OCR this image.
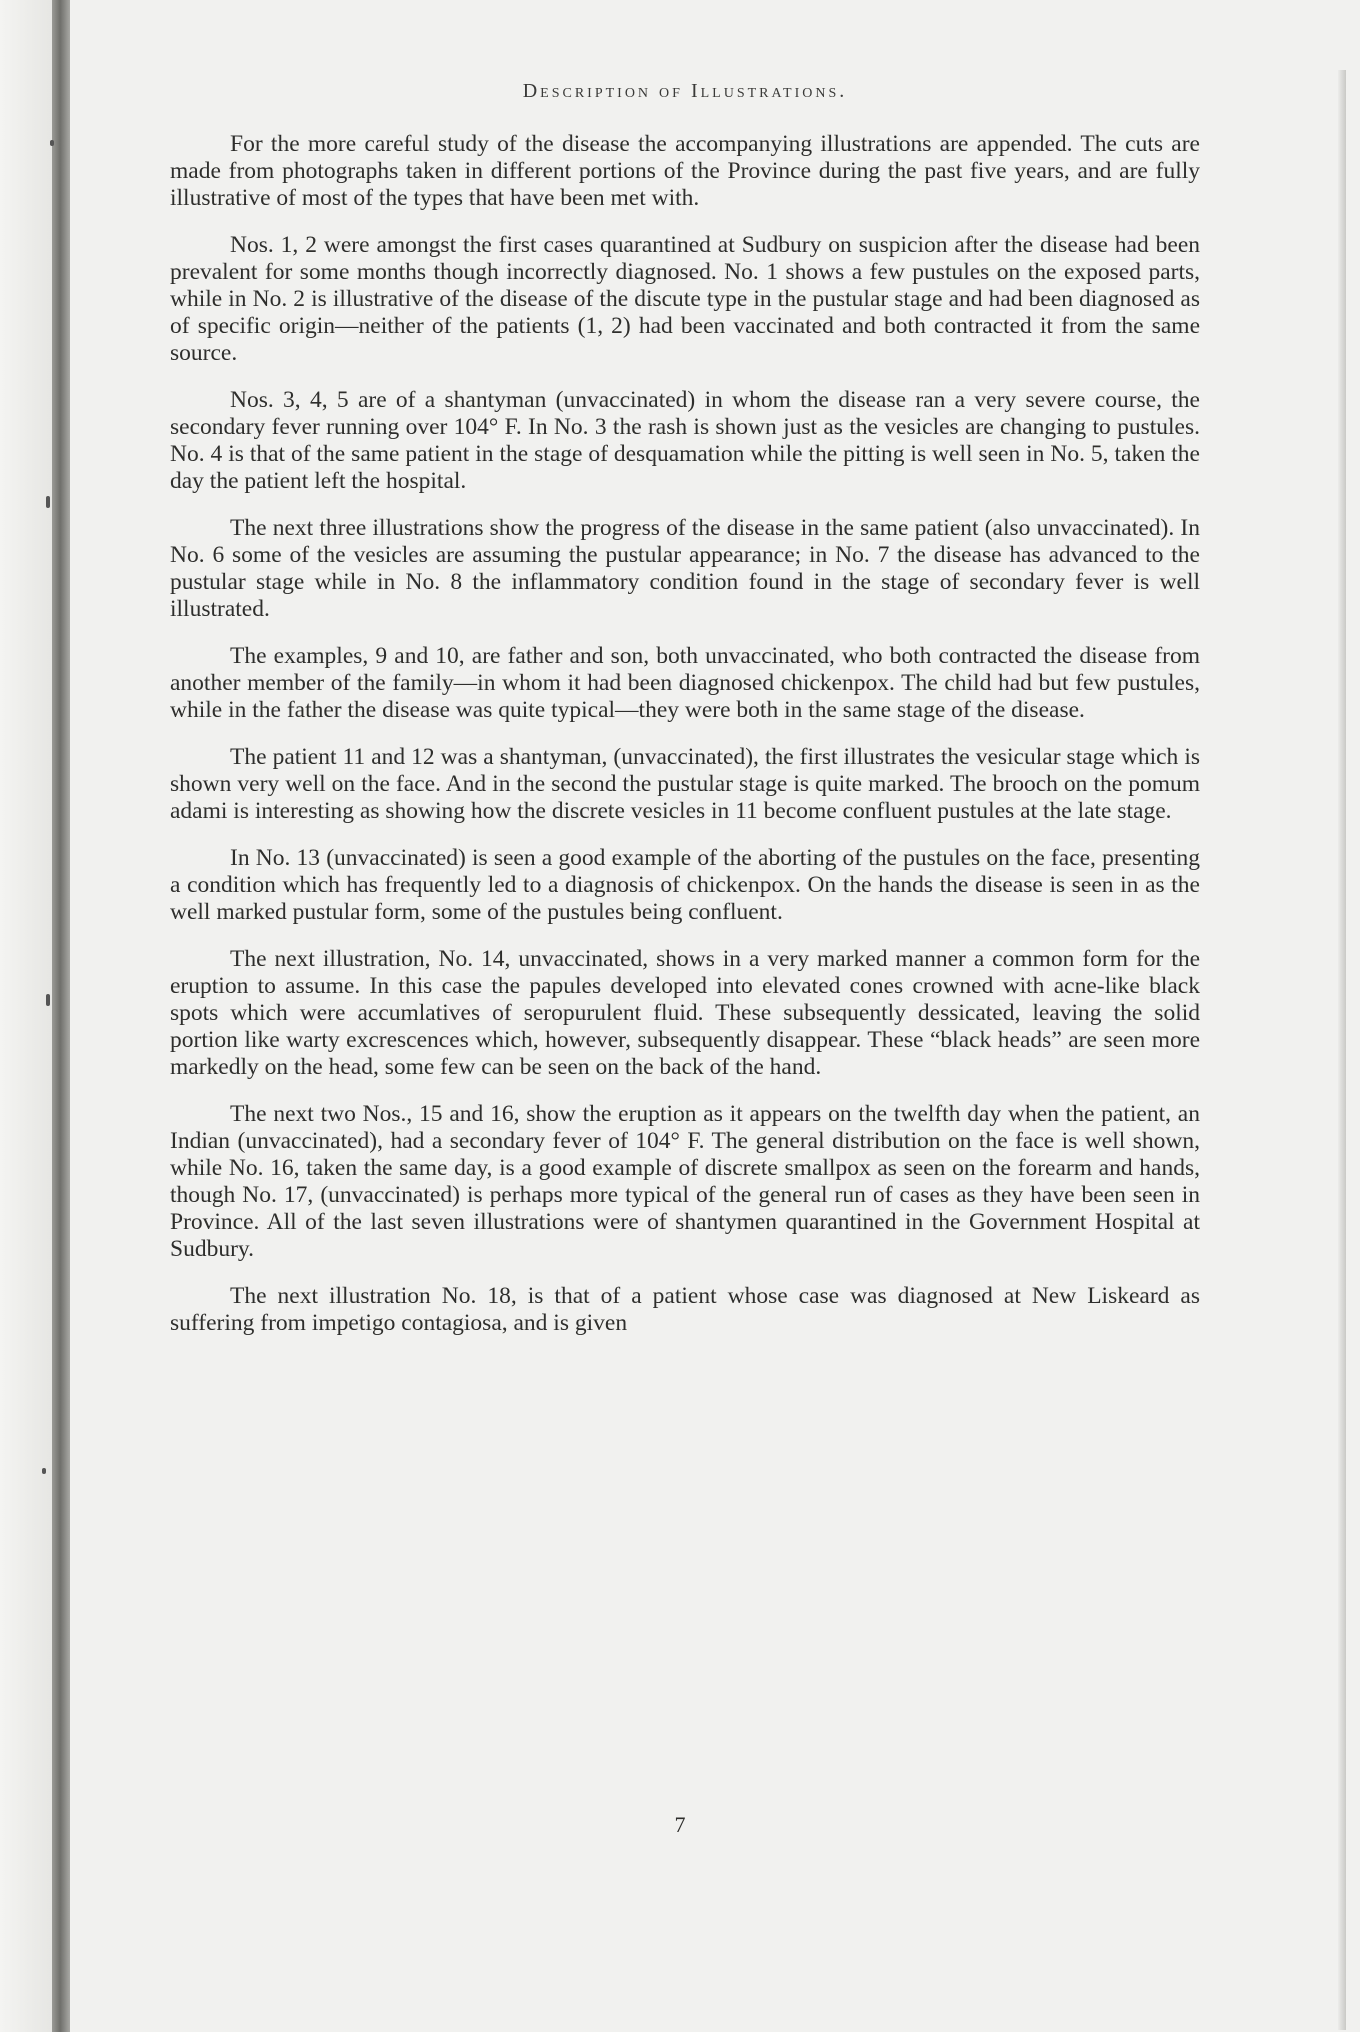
Description of Illustrations.

For the more careful study of the disease the accompanying illustrations are appended. The cuts are made from photographs taken in different portions of the Province during the past five years, and are fully illustrative of most of the types that have been met with.

Nos. 1, 2 were amongst the first cases quarantined at Sudbury on suspicion after the disease had been prevalent for some months though incorrectly diagnosed. No. 1 shows a few pustules on the exposed parts, while in No. 2 is illustrative of the disease of the discute type in the pustular stage and had been diagnosed as of specific origin—neither of the patients (1, 2) had been vaccinated and both contracted it from the same source.

Nos. 3, 4, 5 are of a shantyman (unvaccinated) in whom the disease ran a very severe course, the secondary fever running over 104° F. In No. 3 the rash is shown just as the vesicles are changing to pustules. No. 4 is that of the same patient in the stage of desquamation while the pitting is well seen in No. 5, taken the day the patient left the hospital.

The next three illustrations show the progress of the disease in the same patient (also unvaccinated). In No. 6 some of the vesicles are assuming the pustular appearance; in No. 7 the disease has advanced to the pustular stage while in No. 8 the inflammatory condition found in the stage of secondary fever is well illustrated.

The examples, 9 and 10, are father and son, both unvaccinated, who both contracted the disease from another member of the family—in whom it had been diagnosed chickenpox. The child had but few pustules, while in the father the disease was quite typical—they were both in the same stage of the disease.

The patient 11 and 12 was a shantyman, (unvaccinated), the first illustrates the vesicular stage which is shown very well on the face. And in the second the pustular stage is quite marked. The brooch on the pomum adami is interesting as showing how the discrete vesicles in 11 become confluent pustules at the late stage.

In No. 13 (unvaccinated) is seen a good example of the aborting of the pustules on the face, presenting a condition which has frequently led to a diagnosis of chickenpox. On the hands the disease is seen in as the well marked pustular form, some of the pustules being confluent.

The next illustration, No. 14, unvaccinated, shows in a very marked manner a common form for the eruption to assume. In this case the papules developed into elevated cones crowned with acne-like black spots which were accumlatives of seropurulent fluid. These subsequently dessicated, leaving the solid portion like warty excrescences which, however, subsequently disappear. These “black heads” are seen more markedly on the head, some few can be seen on the back of the hand.

The next two Nos., 15 and 16, show the eruption as it appears on the twelfth day when the patient, an Indian (unvaccinated), had a secondary fever of 104° F. The general distribution on the face is well shown, while No. 16, taken the same day, is a good example of discrete smallpox as seen on the forearm and hands, though No. 17, (unvaccinated) is perhaps more typical of the general run of cases as they have been seen in Province. All of the last seven illustrations were of shantymen quarantined in the Government Hospital at Sudbury.

The next illustration No. 18, is that of a patient whose case was diagnosed at New Liskeard as suffering from impetigo contagiosa, and is given

7
